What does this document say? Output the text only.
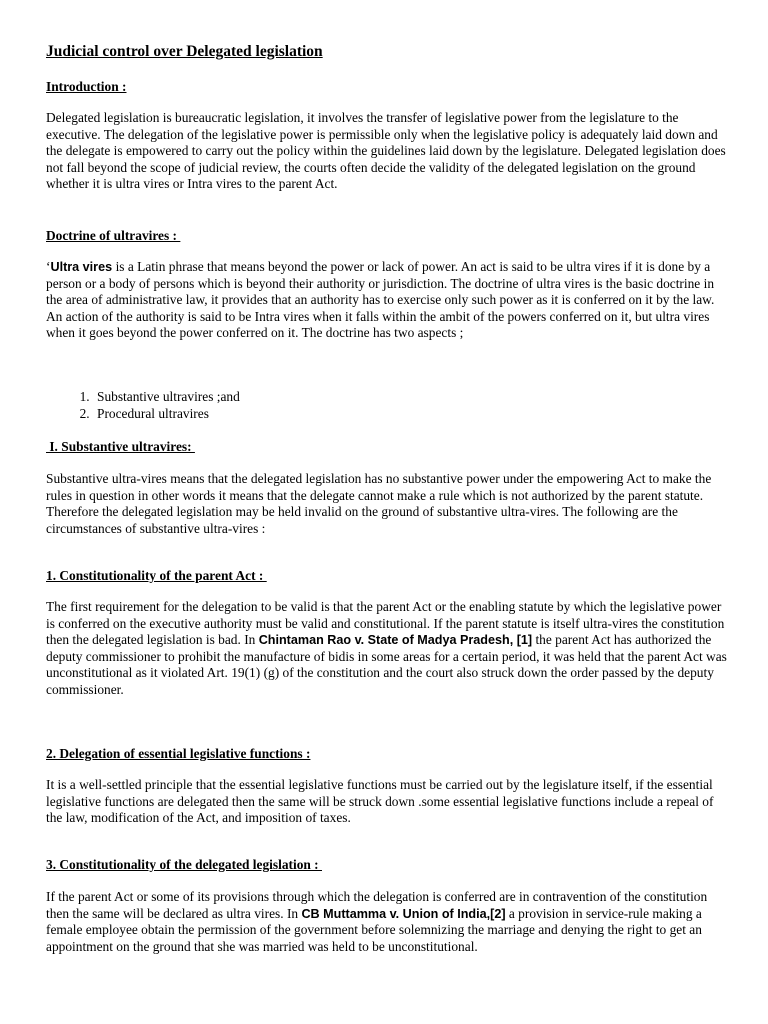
Judicial control over Delegated legislation
Introduction :
Delegated legislation is bureaucratic legislation, it involves the transfer of legislative power from the legislature to the executive. The delegation of the legislative power is permissible only when the legislative policy is adequately laid down and the delegate is empowered to carry out the policy within the guidelines laid down by the legislature. Delegated legislation does not fall beyond the scope of judicial review, the courts often decide the validity of the delegated legislation on the ground whether it is ultra vires or Intra vires to the parent Act.
Doctrine of ultravires :
‘Ultra vires is a Latin phrase that means beyond the power or lack of power. An act is said to be ultra vires if it is done by a person or a body of persons which is beyond their authority or jurisdiction. The doctrine of ultra vires is the basic doctrine in the area of administrative law, it provides that an authority has to exercise only such power as it is conferred on it by the law. An action of the authority is said to be Intra vires when it falls within the ambit of the powers conferred on it, but ultra vires when it goes beyond the power conferred on it. The doctrine has two aspects ;
1. Substantive ultravires ;and
2. Procedural ultravires
I. Substantive ultravires:
Substantive ultra-vires means that the delegated legislation has no substantive power under the empowering Act to make the rules in question in other words it means that the delegate cannot make a rule which is not authorized by the parent statute. Therefore the delegated legislation may be held invalid on the ground of substantive ultra-vires. The following are the circumstances of substantive ultra-vires :
1. Constitutionality of the parent Act :
The first requirement for the delegation to be valid is that the parent Act or the enabling statute by which the legislative power is conferred on the executive authority must be valid and constitutional. If the parent statute is itself ultra-vires the constitution then the delegated legislation is bad. In Chintaman Rao v. State of Madya Pradesh, [1] the parent Act has authorized the deputy commissioner to prohibit the manufacture of bidis in some areas for a certain period, it was held that the parent Act was unconstitutional as it violated Art. 19(1) (g) of the constitution and the court also struck down the order passed by the deputy commissioner.
2. Delegation of essential legislative functions :
It is a well-settled principle that the essential legislative functions must be carried out by the legislature itself, if the essential legislative functions are delegated then the same will be struck down .some essential legislative functions include a repeal of the law, modification of the Act, and imposition of taxes.
3. Constitutionality of the delegated legislation :
If the parent Act or some of its provisions through which the delegation is conferred are in contravention of the constitution then the same will be declared as ultra vires. In CB Muttamma v. Union of India,[2] a provision in service-rule making a female employee obtain the permission of the government before solemnizing the marriage and denying the right to get an appointment on the ground that she was married was held to be unconstitutional.
